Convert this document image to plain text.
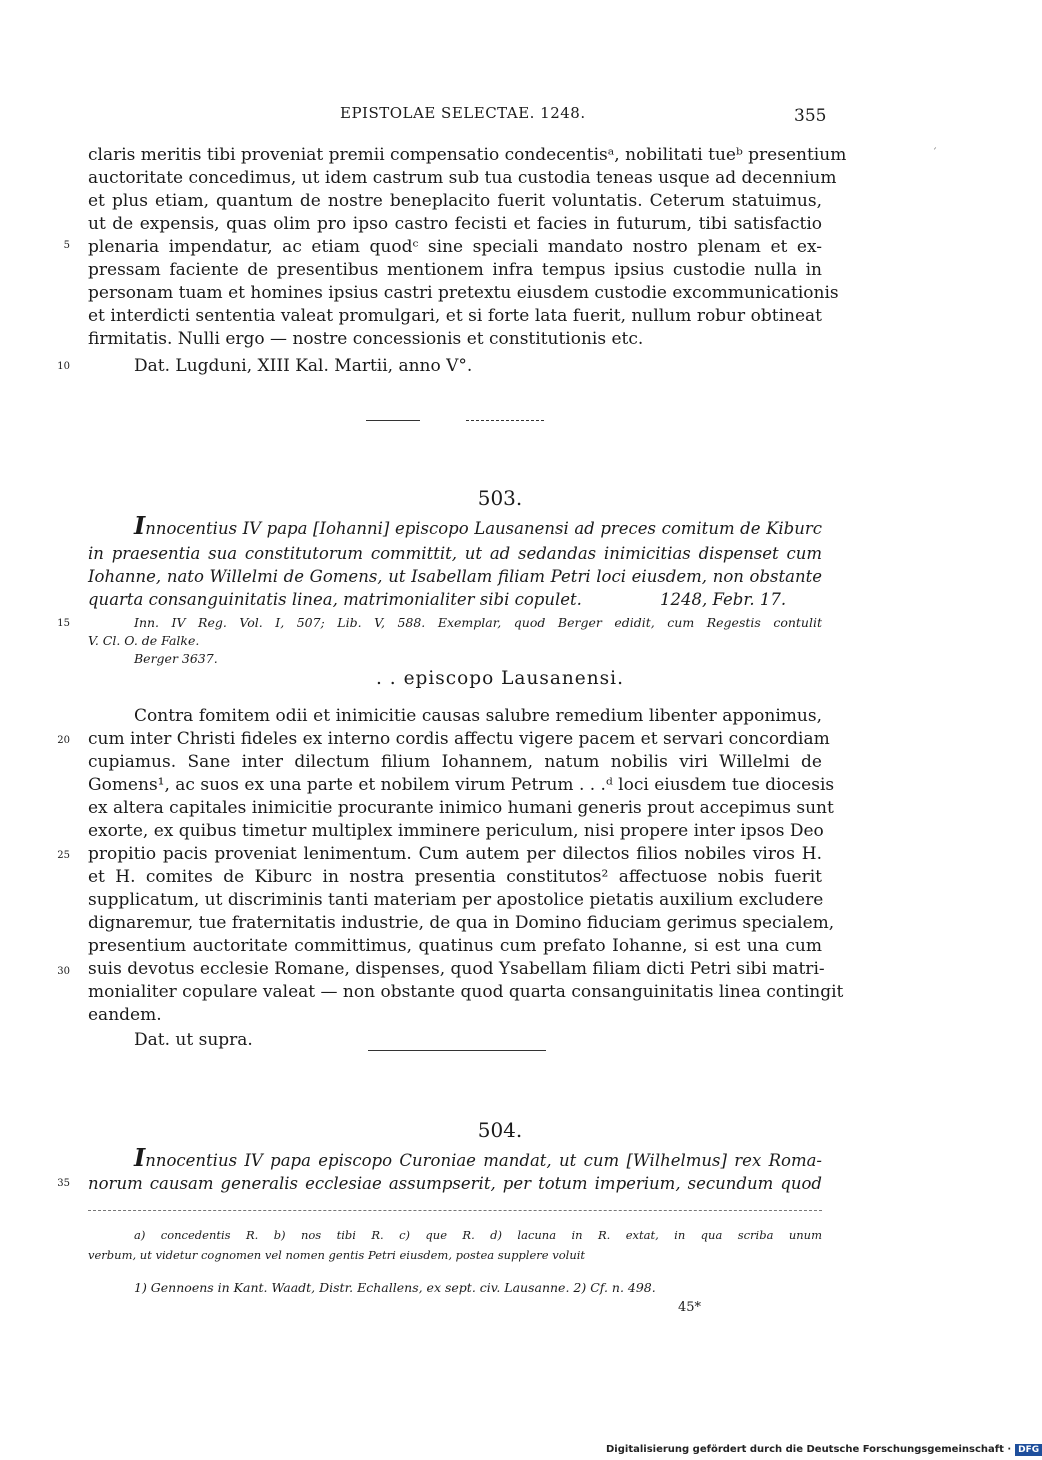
EPISTOLAE SELECTAE. 1248.	355
´
claris meritis tibi proveniat premii compensatio condecentisᵃ, nobilitati tueᵇ presentium
auctoritate concedimus, ut idem castrum sub tua custodia teneas usque ad decennium
et plus etiam, quantum de nostre beneplacito fuerit voluntatis. Ceterum statuimus,
ut de expensis, quas olim pro ipso castro fecisti et facies in futurum, tibi satisfactio
plenaria impendatur, ac etiam quodᶜ sine speciali mandato nostro plenam et ex-
pressam faciente de presentibus mentionem infra tempus ipsius custodie nulla in
personam tuam et homines ipsius castri pretextu eiusdem custodie excommunicationis
et interdicti sententia valeat promulgari, et si forte lata fuerit, nullum robur obtineat
firmitatis. Nulli ergo — nostre concessionis et constitutionis etc.
Dat. Lugduni, XIII Kal. Martii, anno V°.
5
10
15
20
25
30
35
503.
Innocentius IV papa [Iohanni] episcopo Lausanensi ad preces comitum de Kiburc
in praesentia sua constitutorum committit, ut ad sedandas inimicitias dispenset cum
Iohanne, nato Willelmi de Gomens, ut Isabellam filiam Petri loci eiusdem, non obstante
quarta consanguinitatis linea, matrimonialiter sibi copulet.	1248, Febr. 17.
Inn. IV Reg. Vol. I, 507; Lib. V, 588. Exemplar, quod Berger edidit, cum Regestis contulit
V. Cl. O. de Falke.
Berger 3637.
. . episcopo Lausanensi.
Contra fomitem odii et inimicitie causas salubre remedium libenter apponimus,
cum inter Christi fideles ex interno cordis affectu vigere pacem et servari concordiam
cupiamus. Sane inter dilectum filium Iohannem, natum nobilis viri Willelmi de
Gomens¹, ac suos ex una parte et nobilem virum Petrum . . .ᵈ loci eiusdem tue diocesis
ex altera capitales inimicitie procurante inimico humani generis prout accepimus sunt
exorte, ex quibus timetur multiplex imminere periculum, nisi propere inter ipsos Deo
propitio pacis proveniat lenimentum. Cum autem per dilectos filios nobiles viros H.
et H. comites de Kiburc in nostra presentia constitutos² affectuose nobis fuerit
supplicatum, ut discriminis tanti materiam per apostolice pietatis auxilium excludere
dignaremur, tue fraternitatis industrie, de qua in Domino fiduciam gerimus specialem,
presentium auctoritate committimus, quatinus cum prefato Iohanne, si est una cum
suis devotus ecclesie Romane, dispenses, quod Ysabellam filiam dicti Petri sibi matri-
monialiter copulare valeat — non obstante quod quarta consanguinitatis linea contingit
eandem.
Dat. ut supra.
504.
Innocentius IV papa episcopo Curoniae mandat, ut cum [Wilhelmus] rex Roma-
norum causam generalis ecclesiae assumpserit, per totum imperium, secundum quod
a) concedentis R. b) nos tibi R. c) que R. d) lacuna in R. extat, in qua scriba unum
verbum, ut videtur cognomen vel nomen gentis Petri eiusdem, postea supplere voluit
1) Gennoens in Kant. Waadt, Distr. Echallens, ex sept. civ. Lausanne. 2) Cf. n. 498.
45*
Digitalisierung gefördert durch die Deutsche Forschungsgemeinschaft · DFG
